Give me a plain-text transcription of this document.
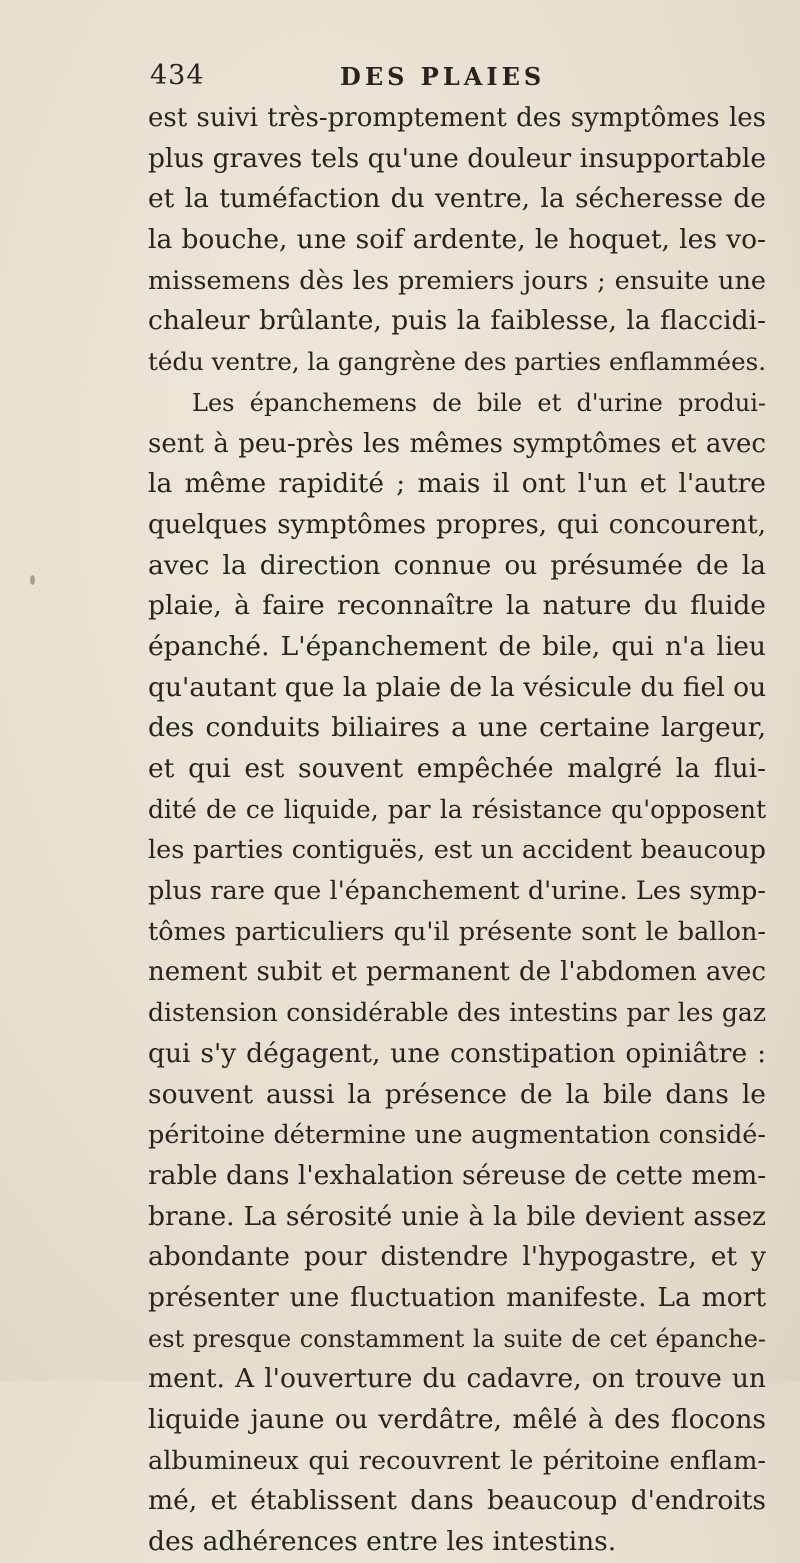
434	DES PLAIES
est suivi très-promptement des symptômes les
plus graves tels qu'une douleur insupportable
et la tuméfaction du ventre, la sécheresse de
la bouche, une soif ardente, le hoquet, les vo-
missemens dès les premiers jours ; ensuite une
chaleur brûlante, puis la faiblesse, la flaccidi-
tédu ventre, la gangrène des parties enflammées.
Les épanchemens de bile et d'urine produi-
sent à peu-près les mêmes symptômes et avec
la même rapidité ; mais il ont l'un et l'autre
quelques symptômes propres, qui concourent,
avec la direction connue ou présumée de la
plaie, à faire reconnaître la nature du fluide
épanché. L'épanchement de bile, qui n'a lieu
qu'autant que la plaie de la vésicule du fiel ou
des conduits biliaires a une certaine largeur,
et qui est souvent empêchée malgré la flui-
dité de ce liquide, par la résistance qu'opposent
les parties contiguës, est un accident beaucoup
plus rare que l'épanchement d'urine. Les symp-
tômes particuliers qu'il présente sont le ballon-
nement subit et permanent de l'abdomen avec
distension considérable des intestins par les gaz
qui s'y dégagent, une constipation opiniâtre :
souvent aussi la présence de la bile dans le
péritoine détermine une augmentation considé-
rable dans l'exhalation séreuse de cette mem-
brane. La sérosité unie à la bile devient assez
abondante pour distendre l'hypogastre, et y
présenter une fluctuation manifeste. La mort
est presque constamment la suite de cet épanche-
ment. A l'ouverture du cadavre, on trouve un
liquide jaune ou verdâtre, mêlé à des flocons
albumineux qui recouvrent le péritoine enflam-
mé, et établissent dans beaucoup d'endroits
des adhérences entre les intestins.
